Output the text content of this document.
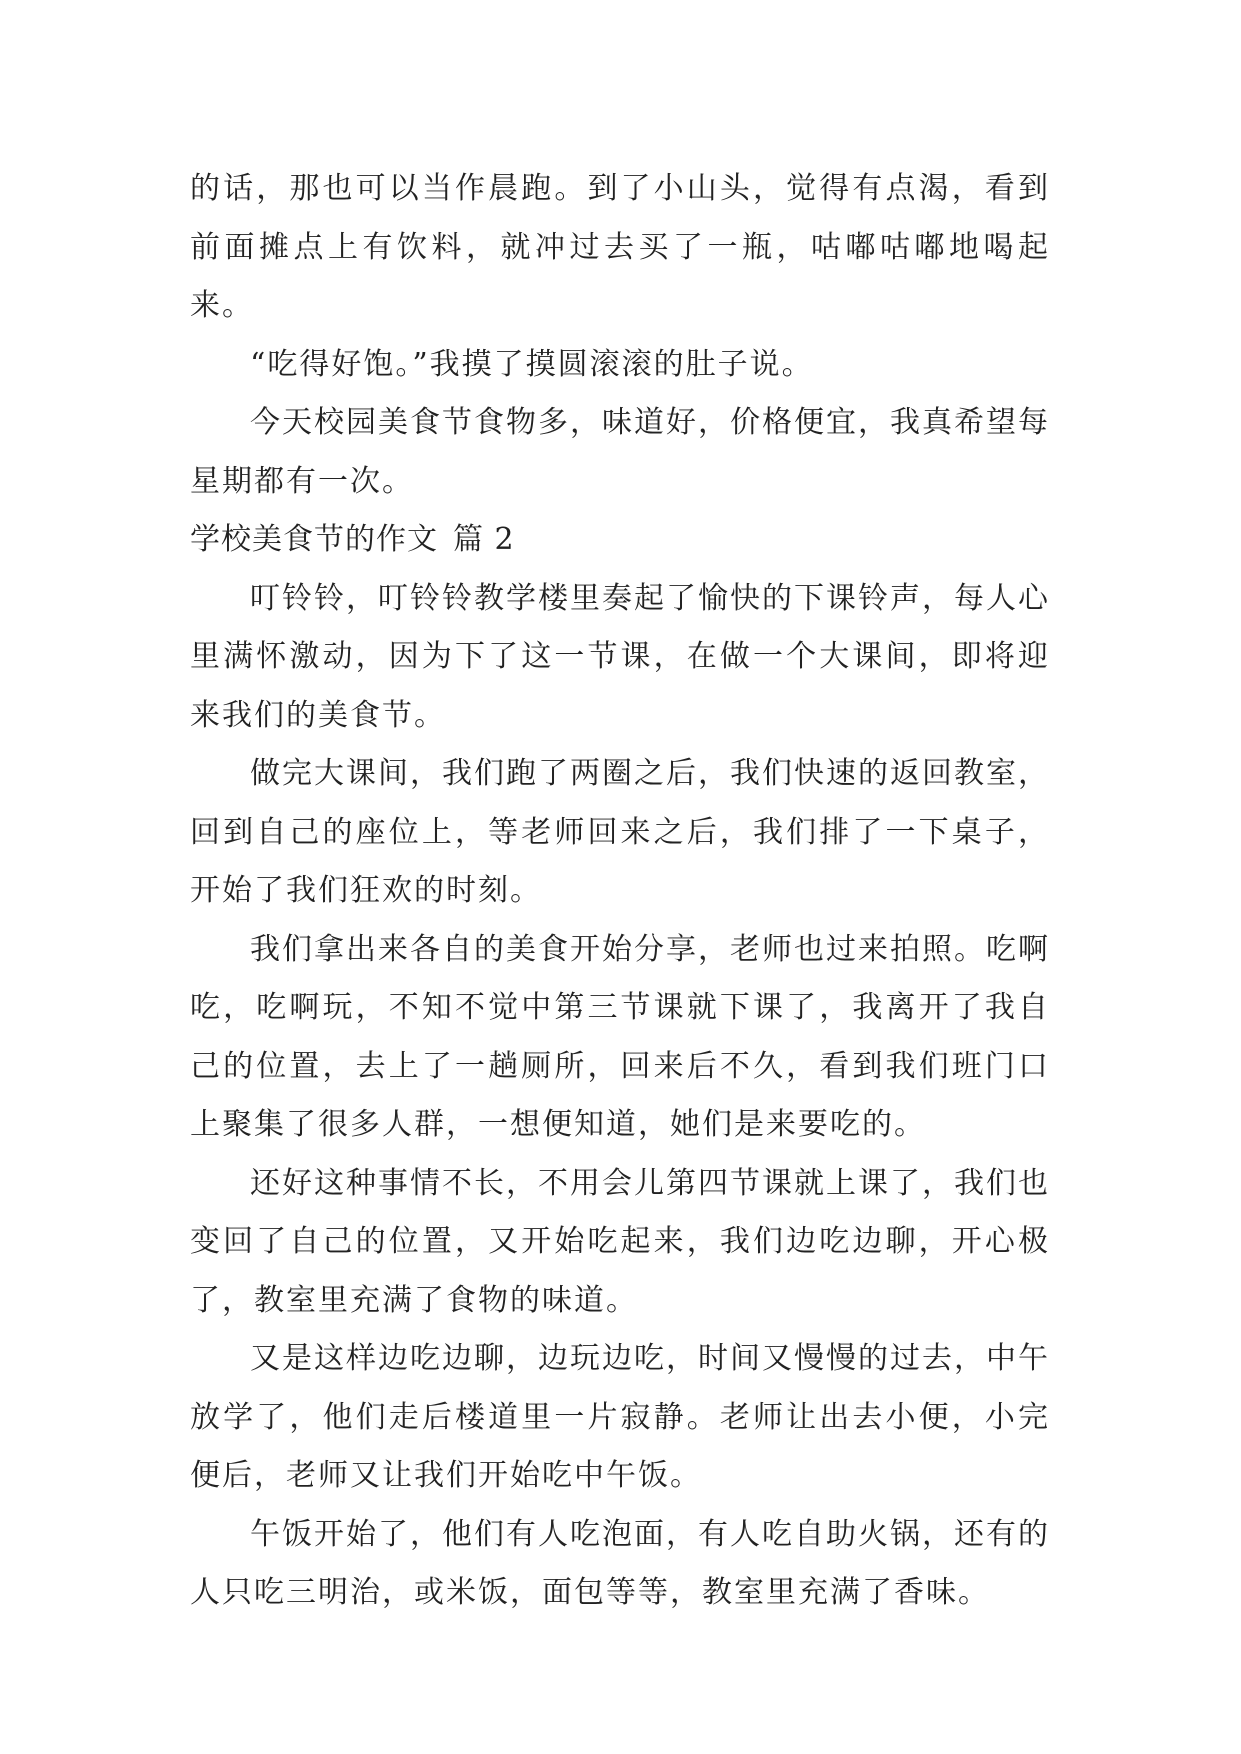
的话，那也可以当作晨跑。到了小山头，觉得有点渴，看到前面摊点上有饮料，就冲过去买了一瓶，咕嘟咕嘟地喝起来。

“吃得好饱。”我摸了摸圆滚滚的肚子说。

今天校园美食节食物多，味道好，价格便宜，我真希望每星期都有一次。

学校美食节的作文 篇 2

叮铃铃，叮铃铃教学楼里奏起了愉快的下课铃声，每人心里满怀激动，因为下了这一节课，在做一个大课间，即将迎来我们的美食节。

做完大课间，我们跑了两圈之后，我们快速的返回教室，回到自己的座位上，等老师回来之后，我们排了一下桌子，开始了我们狂欢的时刻。

我们拿出来各自的美食开始分享，老师也过来拍照。吃啊吃，吃啊玩，不知不觉中第三节课就下课了，我离开了我自己的位置，去上了一趟厕所，回来后不久，看到我们班门口上聚集了很多人群，一想便知道，她们是来要吃的。

还好这种事情不长，不用会儿第四节课就上课了，我们也变回了自己的位置，又开始吃起来，我们边吃边聊，开心极了，教室里充满了食物的味道。

又是这样边吃边聊，边玩边吃，时间又慢慢的过去，中午放学了，他们走后楼道里一片寂静。老师让出去小便，小完便后，老师又让我们开始吃中午饭。

午饭开始了，他们有人吃泡面，有人吃自助火锅，还有的人只吃三明治，或米饭，面包等等，教室里充满了香味。
